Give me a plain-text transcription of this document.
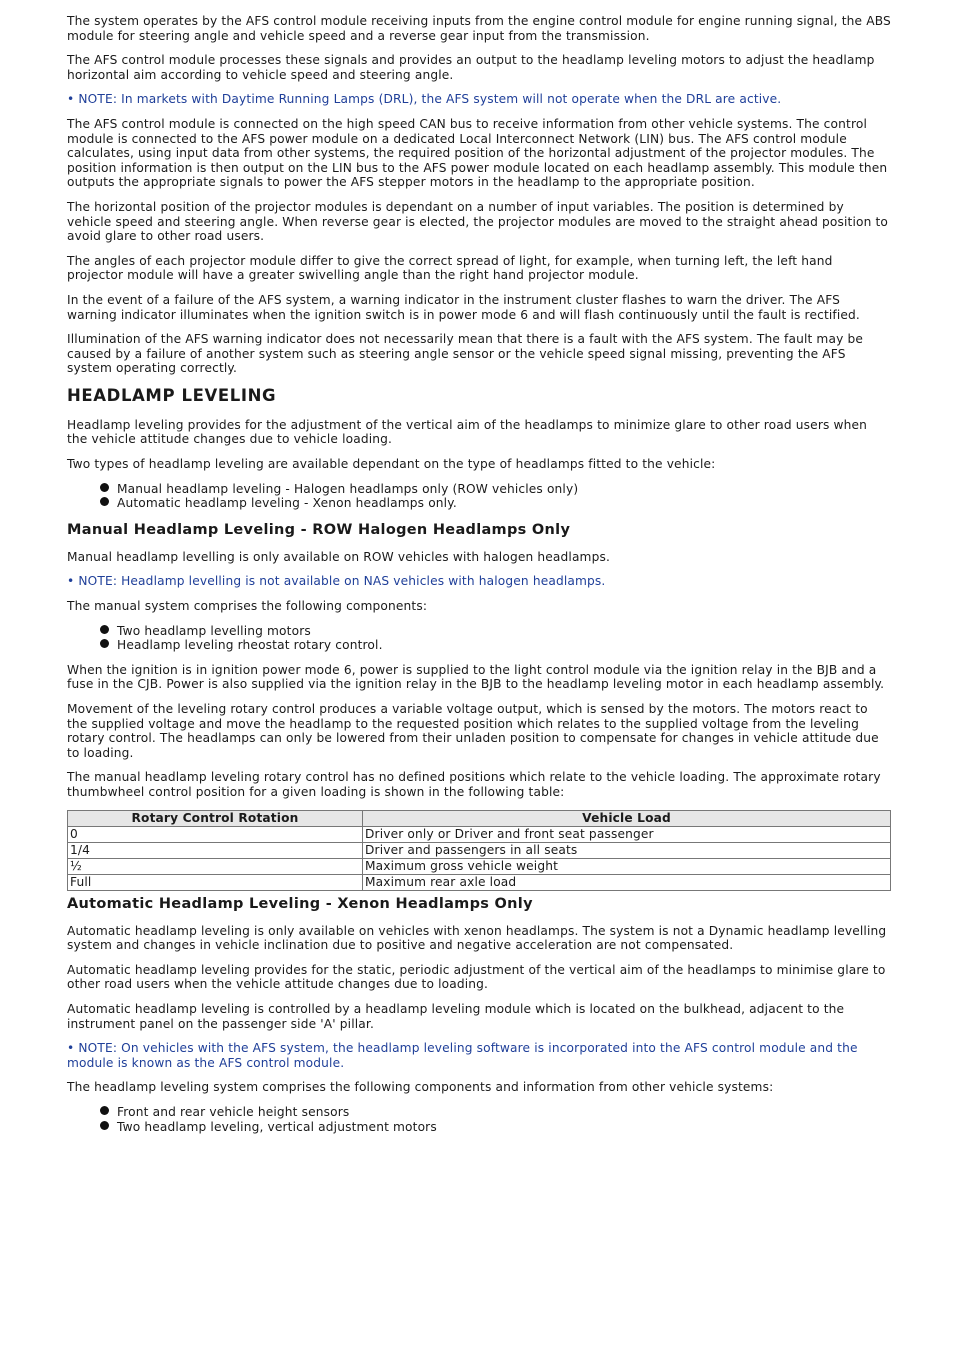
The system operates by the AFS control module receiving inputs from the engine control module for engine running signal, the ABS module for steering angle and vehicle speed and a reverse gear input from the transmission.

The AFS control module processes these signals and provides an output to the headlamp leveling motors to adjust the headlamp horizontal aim according to vehicle speed and steering angle.

• NOTE: In markets with Daytime Running Lamps (DRL), the AFS system will not operate when the DRL are active.

The AFS control module is connected on the high speed CAN bus to receive information from other vehicle systems. The control module is connected to the AFS power module on a dedicated Local Interconnect Network (LIN) bus. The AFS control module calculates, using input data from other systems, the required position of the horizontal adjustment of the projector modules. The position information is then output on the LIN bus to the AFS power module located on each headlamp assembly. This module then outputs the appropriate signals to power the AFS stepper motors in the headlamp to the appropriate position.

The horizontal position of the projector modules is dependant on a number of input variables. The position is determined by vehicle speed and steering angle. When reverse gear is elected, the projector modules are moved to the straight ahead position to avoid glare to other road users.

The angles of each projector module differ to give the correct spread of light, for example, when turning left, the left hand projector module will have a greater swivelling angle than the right hand projector module.

In the event of a failure of the AFS system, a warning indicator in the instrument cluster flashes to warn the driver. The AFS warning indicator illuminates when the ignition switch is in power mode 6 and will flash continuously until the fault is rectified.

Illumination of the AFS warning indicator does not necessarily mean that there is a fault with the AFS system. The fault may be caused by a failure of another system such as steering angle sensor or the vehicle speed signal missing, preventing the AFS system operating correctly.

HEADLAMP LEVELING

Headlamp leveling provides for the adjustment of the vertical aim of the headlamps to minimize glare to other road users when the vehicle attitude changes due to vehicle loading.

Two types of headlamp leveling are available dependant on the type of headlamps fitted to the vehicle:

Manual headlamp leveling - Halogen headlamps only (ROW vehicles only)
Automatic headlamp leveling - Xenon headlamps only.
Manual Headlamp Leveling - ROW Halogen Headlamps Only

Manual headlamp levelling is only available on ROW vehicles with halogen headlamps.

• NOTE: Headlamp levelling is not available on NAS vehicles with halogen headlamps.

The manual system comprises the following components:

Two headlamp levelling motors
Headlamp leveling rheostat rotary control.

When the ignition is in ignition power mode 6, power is supplied to the light control module via the ignition relay in the BJB and a fuse in the CJB. Power is also supplied via the ignition relay in the BJB to the headlamp leveling motor in each headlamp assembly.

Movement of the leveling rotary control produces a variable voltage output, which is sensed by the motors. The motors react to the supplied voltage and move the headlamp to the requested position which relates to the supplied voltage from the leveling rotary control. The headlamps can only be lowered from their unladen position to compensate for changes in vehicle attitude due to loading.

The manual headlamp leveling rotary control has no defined positions which relate to the vehicle loading. The approximate rotary thumbwheel control position for a given loading is shown in the following table:

Rotary Control Rotation	Vehicle Load
0	Driver only or Driver and front seat passenger
1/4	Driver and passengers in all seats
½	Maximum gross vehicle weight
Full	Maximum rear axle load
Automatic Headlamp Leveling - Xenon Headlamps Only

Automatic headlamp leveling is only available on vehicles with xenon headlamps. The system is not a Dynamic headlamp levelling system and changes in vehicle inclination due to positive and negative acceleration are not compensated.

Automatic headlamp leveling provides for the static, periodic adjustment of the vertical aim of the headlamps to minimise glare to other road users when the vehicle attitude changes due to loading.

Automatic headlamp leveling is controlled by a headlamp leveling module which is located on the bulkhead, adjacent to the instrument panel on the passenger side 'A' pillar.

• NOTE: On vehicles with the AFS system, the headlamp leveling software is incorporated into the AFS control module and the module is known as the AFS control module.

The headlamp leveling system comprises the following components and information from other vehicle systems:

Front and rear vehicle height sensors
Two headlamp leveling, vertical adjustment motors
